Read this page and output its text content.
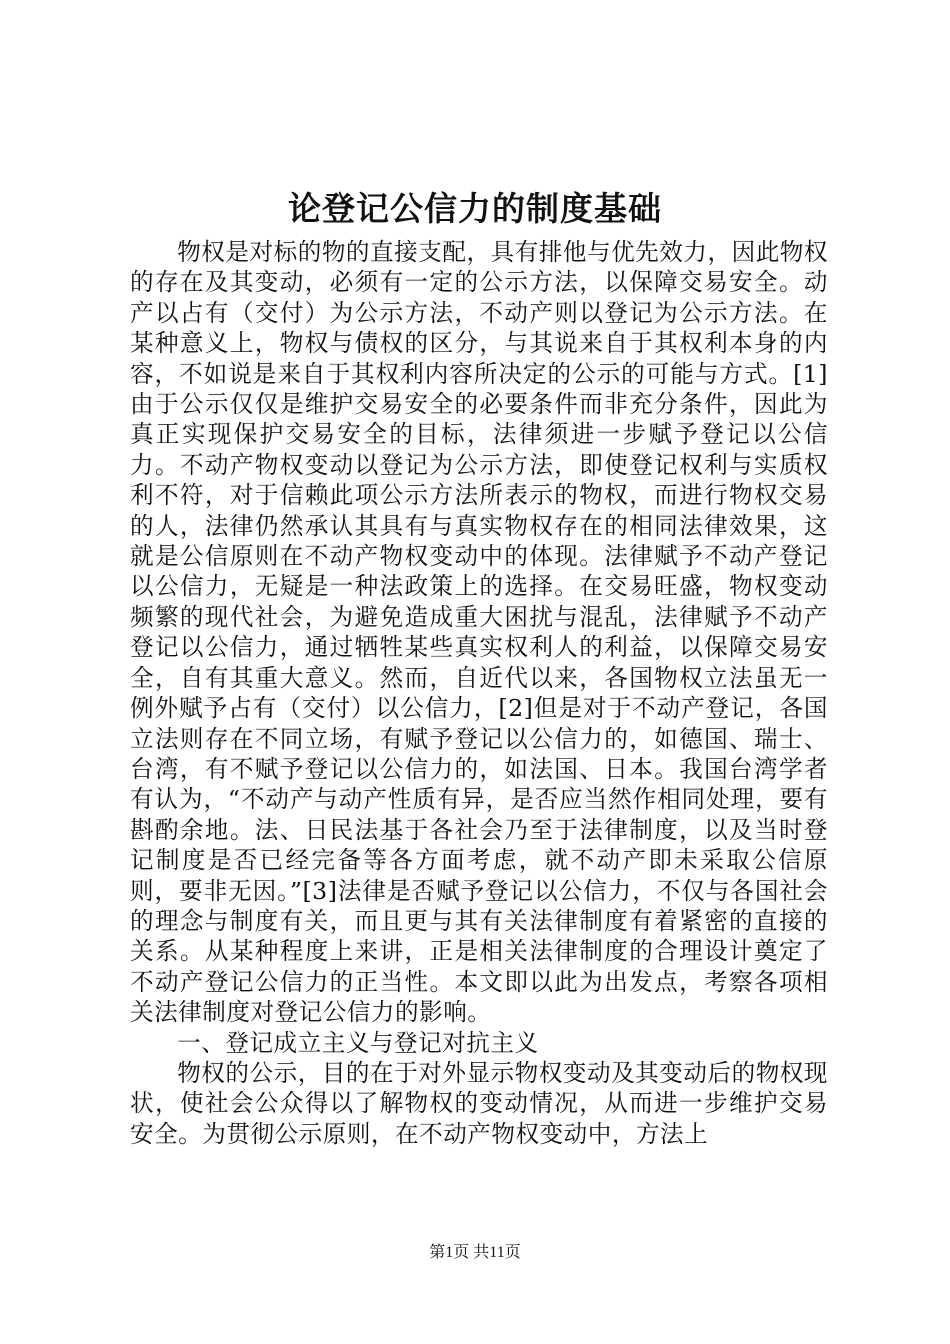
论登记公信力的制度基础

物权是对标的物的直接支配，具有排他与优先效力，因此物权的存在及其变动，必须有一定的公示方法，以保障交易安全。动产以占有（交付）为公示方法，不动产则以登记为公示方法。在某种意义上，物权与债权的区分，与其说来自于其权利本身的内容，不如说是来自于其权利内容所决定的公示的可能与方式。[1]由于公示仅仅是维护交易安全的必要条件而非充分条件，因此为真正实现保护交易安全的目标，法律须进一步赋予登记以公信力。不动产物权变动以登记为公示方法，即使登记权利与实质权利不符，对于信赖此项公示方法所表示的物权，而进行物权交易的人，法律仍然承认其具有与真实物权存在的相同法律效果，这就是公信原则在不动产物权变动中的体现。法律赋予不动产登记以公信力，无疑是一种法政策上的选择。在交易旺盛，物权变动频繁的现代社会，为避免造成重大困扰与混乱，法律赋予不动产登记以公信力，通过牺牲某些真实权利人的利益，以保障交易安全，自有其重大意义。然而，自近代以来，各国物权立法虽无一例外赋予占有（交付）以公信力，[2]但是对于不动产登记，各国立法则存在不同立场，有赋予登记以公信力的，如德国、瑞士、台湾，有不赋予登记以公信力的，如法国、日本。我国台湾学者有认为，“不动产与动产性质有异，是否应当然作相同处理，要有斟酌余地。法、日民法基于各社会乃至于法律制度，以及当时登记制度是否已经完备等各方面考虑，就不动产即未采取公信原则，要非无因。”[3]法律是否赋予登记以公信力，不仅与各国社会的理念与制度有关，而且更与其有关法律制度有着紧密的直接的关系。从某种程度上来讲，正是相关法律制度的合理设计奠定了不动产登记公信力的正当性。本文即以此为出发点，考察各项相关法律制度对登记公信力的影响。

一、登记成立主义与登记对抗主义

物权的公示，目的在于对外显示物权变动及其变动后的物权现状，使社会公众得以了解物权的变动情况，从而进一步维护交易安全。为贯彻公示原则，在不动产物权变动中，方法上

第1页 共11页
